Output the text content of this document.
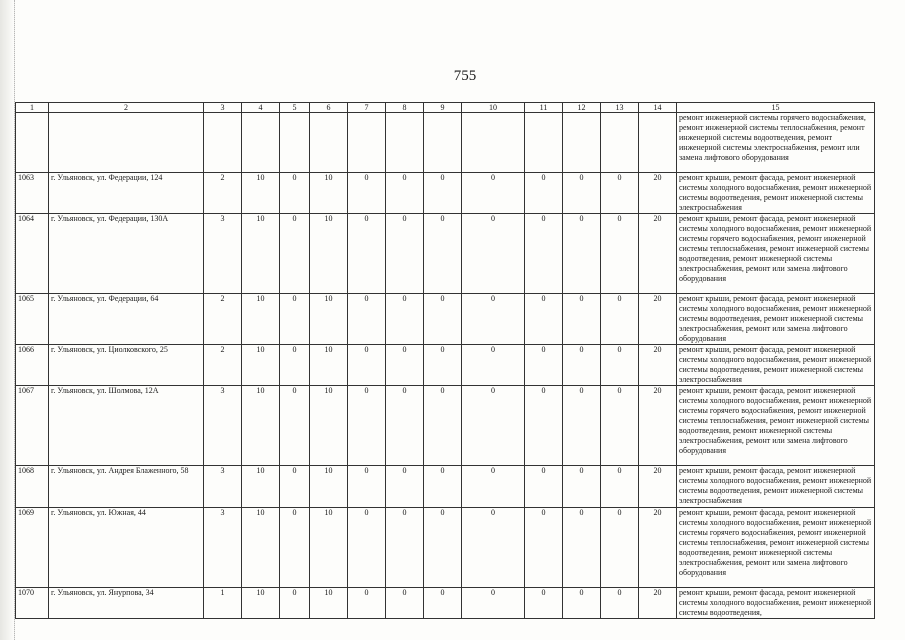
755
1	2	3	4	5	6	7	8	9	10	11	12	13	14	15
														ремонт инженерной системы горячего водоснабжения, ремонт инженерной системы теплоснабжения, ремонт инженерной системы водоотведения, ремонт инженерной системы электроснабжения, ремонт или замена лифтового оборудования
1063	г. Ульяновск, ул. Федерации, 124	2	10	0	10	0	0	0	0	0	0	0	20	ремонт крыши, ремонт фасада, ремонт инженерной системы холодного водоснабжения, ремонт инженерной системы водоотведения, ремонт инженерной системы электроснабжения
1064	г. Ульяновск, ул. Федерации, 130А	3	10	0	10	0	0	0	0	0	0	0	20	ремонт крыши, ремонт фасада, ремонт инженерной системы холодного водоснабжения, ремонт инженерной системы горячего водоснабжения, ремонт инженерной системы теплоснабжения, ремонт инженерной системы водоотведения, ремонт инженерной системы электроснабжения, ремонт или замена лифтового оборудования
1065	г. Ульяновск, ул. Федерации, 64	2	10	0	10	0	0	0	0	0	0	0	20	ремонт крыши, ремонт фасада, ремонт инженерной системы холодного водоснабжения, ремонт инженерной системы водоотведения, ремонт инженерной системы электроснабжения, ремонт или замена лифтового оборудования
1066	г. Ульяновск, ул. Циолковского, 25	2	10	0	10	0	0	0	0	0	0	0	20	ремонт крыши, ремонт фасада, ремонт инженерной системы холодного водоснабжения, ремонт инженерной системы водоотведения, ремонт инженерной системы электроснабжения
1067	г. Ульяновск, ул. Шолмова, 12А	3	10	0	10	0	0	0	0	0	0	0	20	ремонт крыши, ремонт фасада, ремонт инженерной системы холодного водоснабжения, ремонт инженерной системы горячего водоснабжения, ремонт инженерной системы теплоснабжения, ремонт инженерной системы водоотведения, ремонт инженерной системы электроснабжения, ремонт или замена лифтового оборудования
1068	г. Ульяновск, ул. Андрея Блаженного, 58	3	10	0	10	0	0	0	0	0	0	0	20	ремонт крыши, ремонт фасада, ремонт инженерной системы холодного водоснабжения, ремонт инженерной системы водоотведения, ремонт инженерной системы электроснабжения
1069	г. Ульяновск, ул. Южная, 44	3	10	0	10	0	0	0	0	0	0	0	20	ремонт крыши, ремонт фасада, ремонт инженерной системы холодного водоснабжения, ремонт инженерной системы горячего водоснабжения, ремонт инженерной системы теплоснабжения, ремонт инженерной системы водоотведения, ремонт инженерной системы электроснабжения, ремонт или замена лифтового оборудования
1070	г. Ульяновск, ул. Янурпова, 34	1	10	0	10	0	0	0	0	0	0	0	20	ремонт крыши, ремонт фасада, ремонт инженерной системы холодного водоснабжения, ремонт инженерной системы водоотведения,
